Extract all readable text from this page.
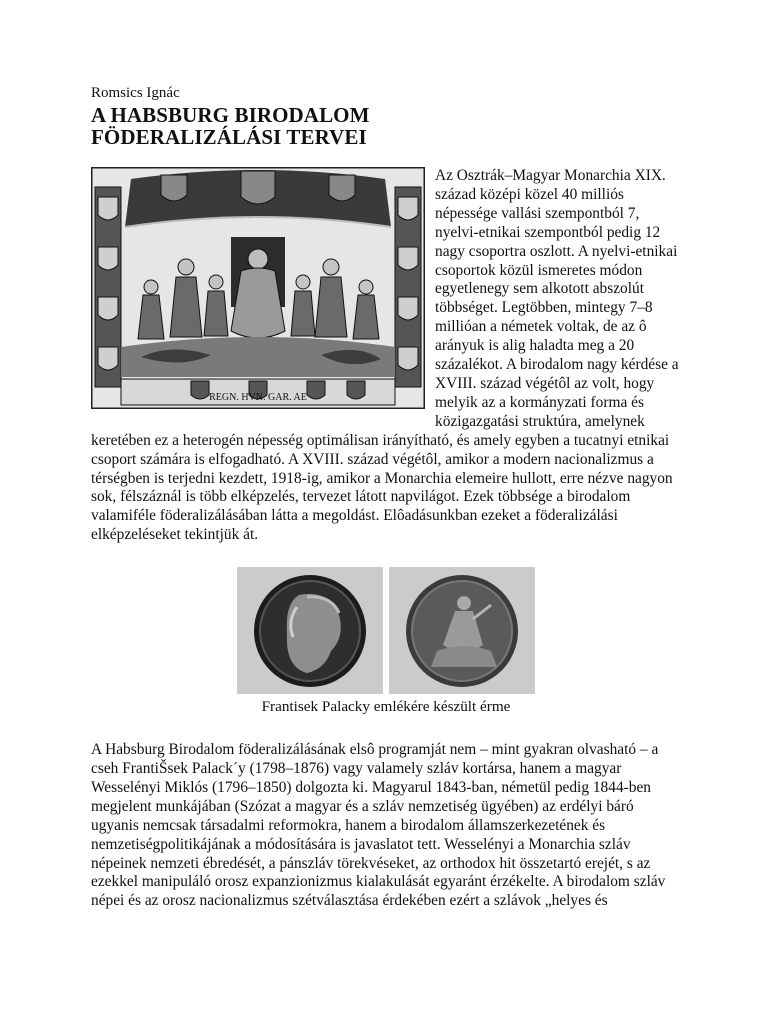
Romsics Ignác

A HABSBURG BIRODALOM
FÖDERALIZÁLÁSI TERVEI
REGN. HVN. GAR. AE

Az Osztrák–Magyar Monarchia XIX. század középi közel 40 milliós népessége vallási szempontból 7, nyelvi-etnikai szempontból pedig 12 nagy csoportra oszlott. A nyelvi-etnikai csoportok közül ismeretes módon egyetlenegy sem alkotott abszolút többséget. Legtöbben, mintegy 7–8 millióan a németek voltak, de az ô arányuk is alig haladta meg a 20 százalékot. A birodalom nagy kérdése a XVIII. század végétôl az volt, hogy melyik az a kormányzati forma és közigazgatási struktúra, amelynek keretében ez a heterogén népesség optimálisan irányítható, és amely egyben a tucatnyi etnikai csoport számára is elfogadható. A XVIII. század végétôl, amikor a modern nacionalizmus a térségben is terjedni kezdett, 1918-ig, amikor a Monarchia elemeire hullott, erre nézve nagyon sok, félszáznál is több elképzelés, tervezet látott napvilágot. Ezek többsége a birodalom valamiféle föderalizálásában látta a megoldást. Elôadásunkban ezeket a föderalizálási elképzeléseket tekintjük át.

Frantisek Palacky emlékére készült érme

A Habsburg Birodalom föderalizálásának elsô programját nem – mint gyakran olvasható – a cseh FrantiŠsek Palack´y (1798–1876) vagy valamely szláv kortársa, hanem a magyar Wesselényi Miklós (1796–1850) dolgozta ki. Magyarul 1843-ban, németül pedig 1844-ben megjelent munkájában (Szózat a magyar és a szláv nemzetiség ügyében) az erdélyi báró ugyanis nemcsak társadalmi reformokra, hanem a birodalom államszerkezetének és nemzetiségpolitikájának a módosítására is javaslatot tett. Wesselényi a Monarchia szláv népeinek nemzeti ébredését, a pánszláv törekvéseket, az orthodox hit összetartó erejét, s az ezekkel manipuláló orosz expanzionizmus kialakulását egyaránt érzékelte. A birodalom szláv népei és az orosz nacionalizmus szétválasztása érdekében ezért a szlávok „helyes és
